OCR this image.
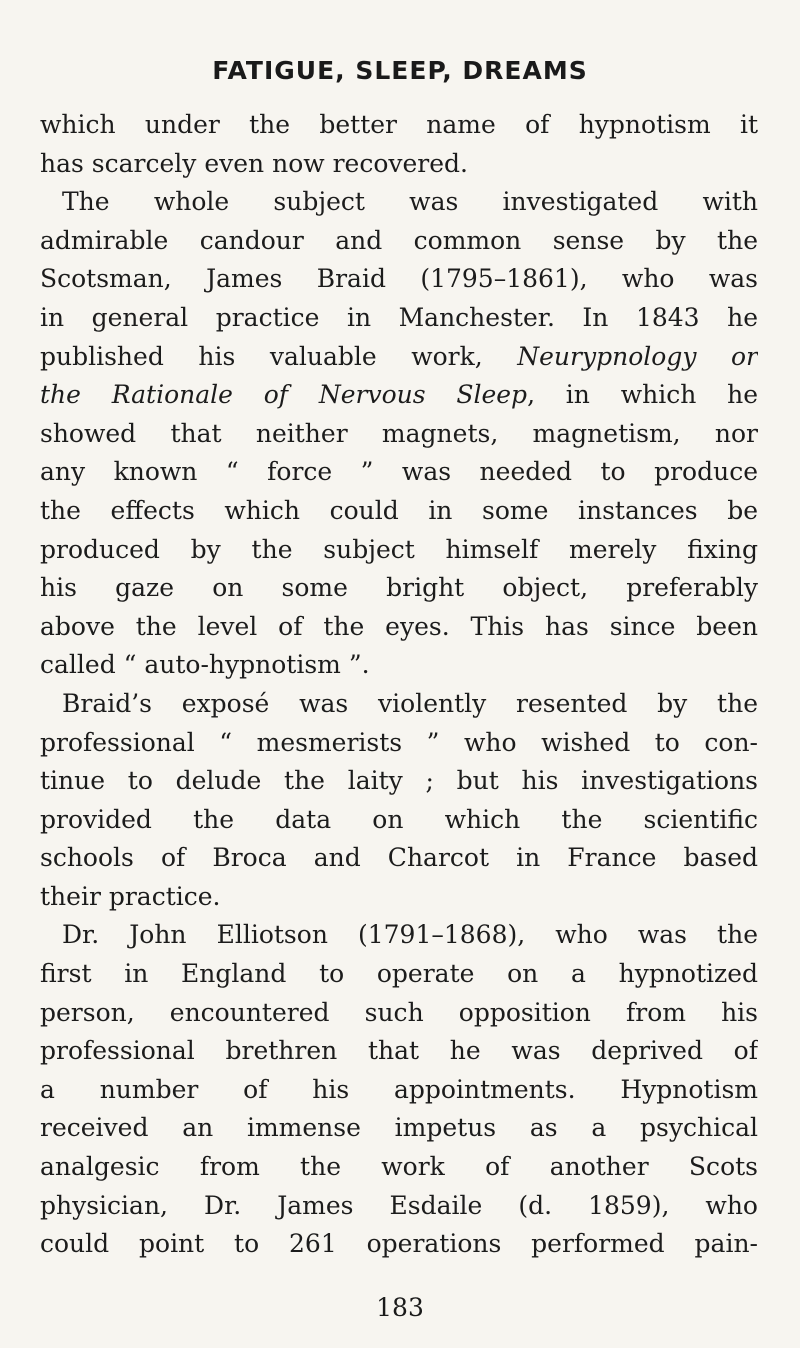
FATIGUE, SLEEP, DREAMS
which under the better name of hypnotism it
has scarcely even now recovered.
The whole subject was investigated with
admirable candour and common sense by the
Scotsman, James Braid (1795–1861), who was
in general practice in Manchester. In 1843 he
published his valuable work, Neurypnology or
the Rationale of Nervous Sleep, in which he
showed that neither magnets, magnetism, nor
any known “ force ” was needed to produce
the effects which could in some instances be
produced by the subject himself merely fixing
his gaze on some bright object, preferably
above the level of the eyes. This has since been
called “ auto-hypnotism ”.
Braid’s exposé was violently resented by the
professional “ mesmerists ” who wished to con-
tinue to delude the laity ; but his investigations
provided the data on which the scientific
schools of Broca and Charcot in France based
their practice.
Dr. John Elliotson (1791–1868), who was the
first in England to operate on a hypnotized
person, encountered such opposition from his
professional brethren that he was deprived of
a number of his appointments. Hypnotism
received an immense impetus as a psychical
analgesic from the work of another Scots
physician, Dr. James Esdaile (d. 1859), who
could point to 261 operations performed pain-
183
